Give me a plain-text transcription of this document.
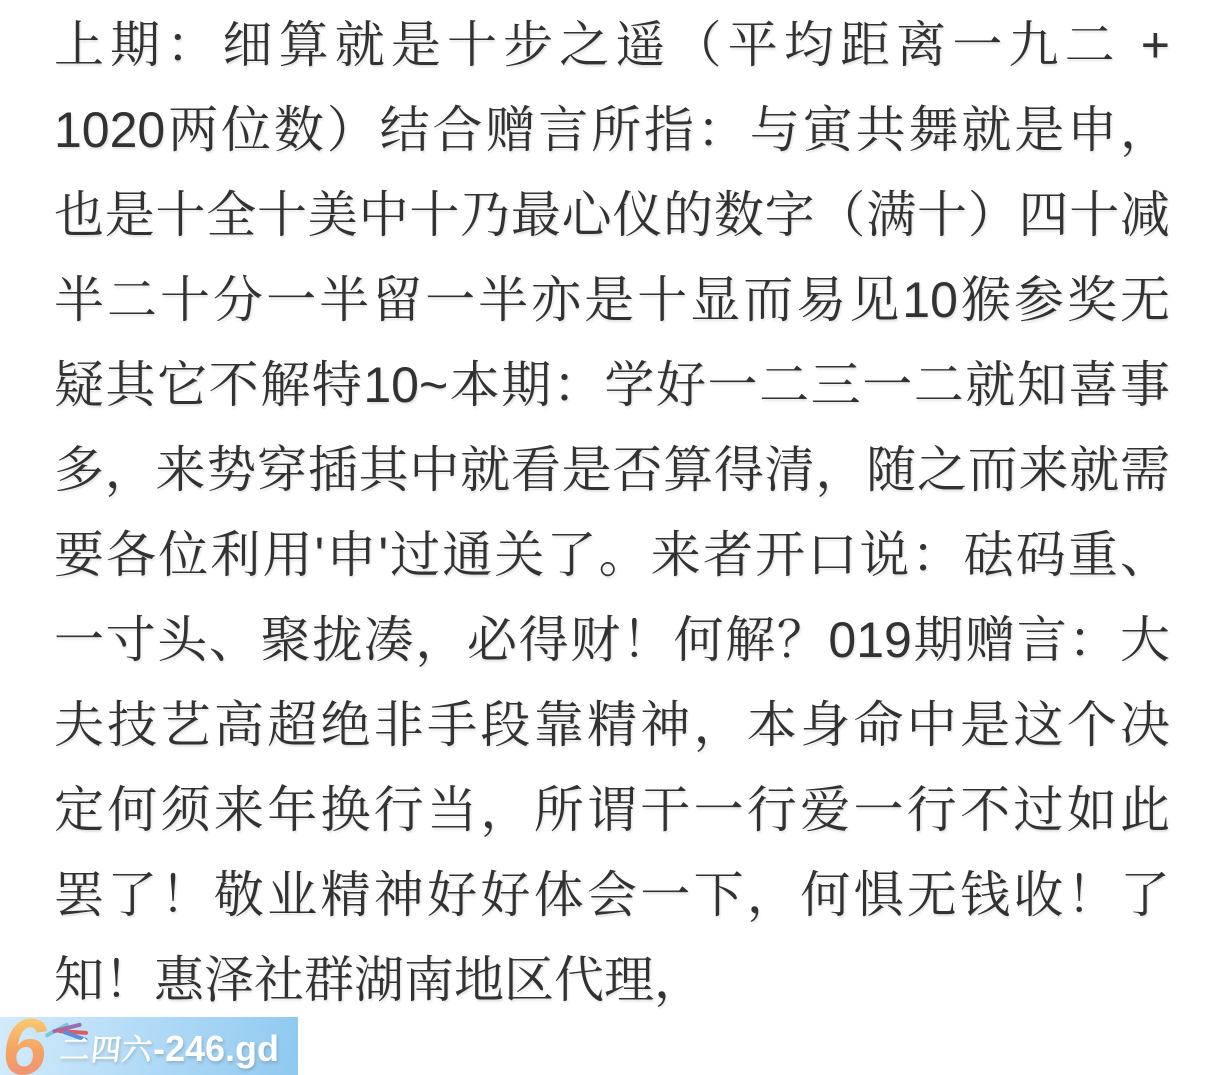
上期：细算就是十步之遥（平均距离一九二 +
1020两位数）结合赠言所指：与寅共舞就是申，
也是十全十美中十乃最心仪的数字（满十）四十减
半二十分一半留一半亦是十显而易见10猴参奖无
疑其它不解特10~本期：学好一二三一二就知喜事
多，来势穿插其中就看是否算得清，随之而来就需
要各位利用'申'过通关了。来者开口说：砝码重、
一寸头、聚拢凑，必得财！何解？019期赠言：大
夫技艺高超绝非手段靠精神，本身命中是这个决
定何须来年换行当，所谓干一行爱一行不过如此
罢了！敬业精神好好体会一下，何惧无钱收！了
知！惠泽社群湖南地区代理，
6 二四六
-246.gd
